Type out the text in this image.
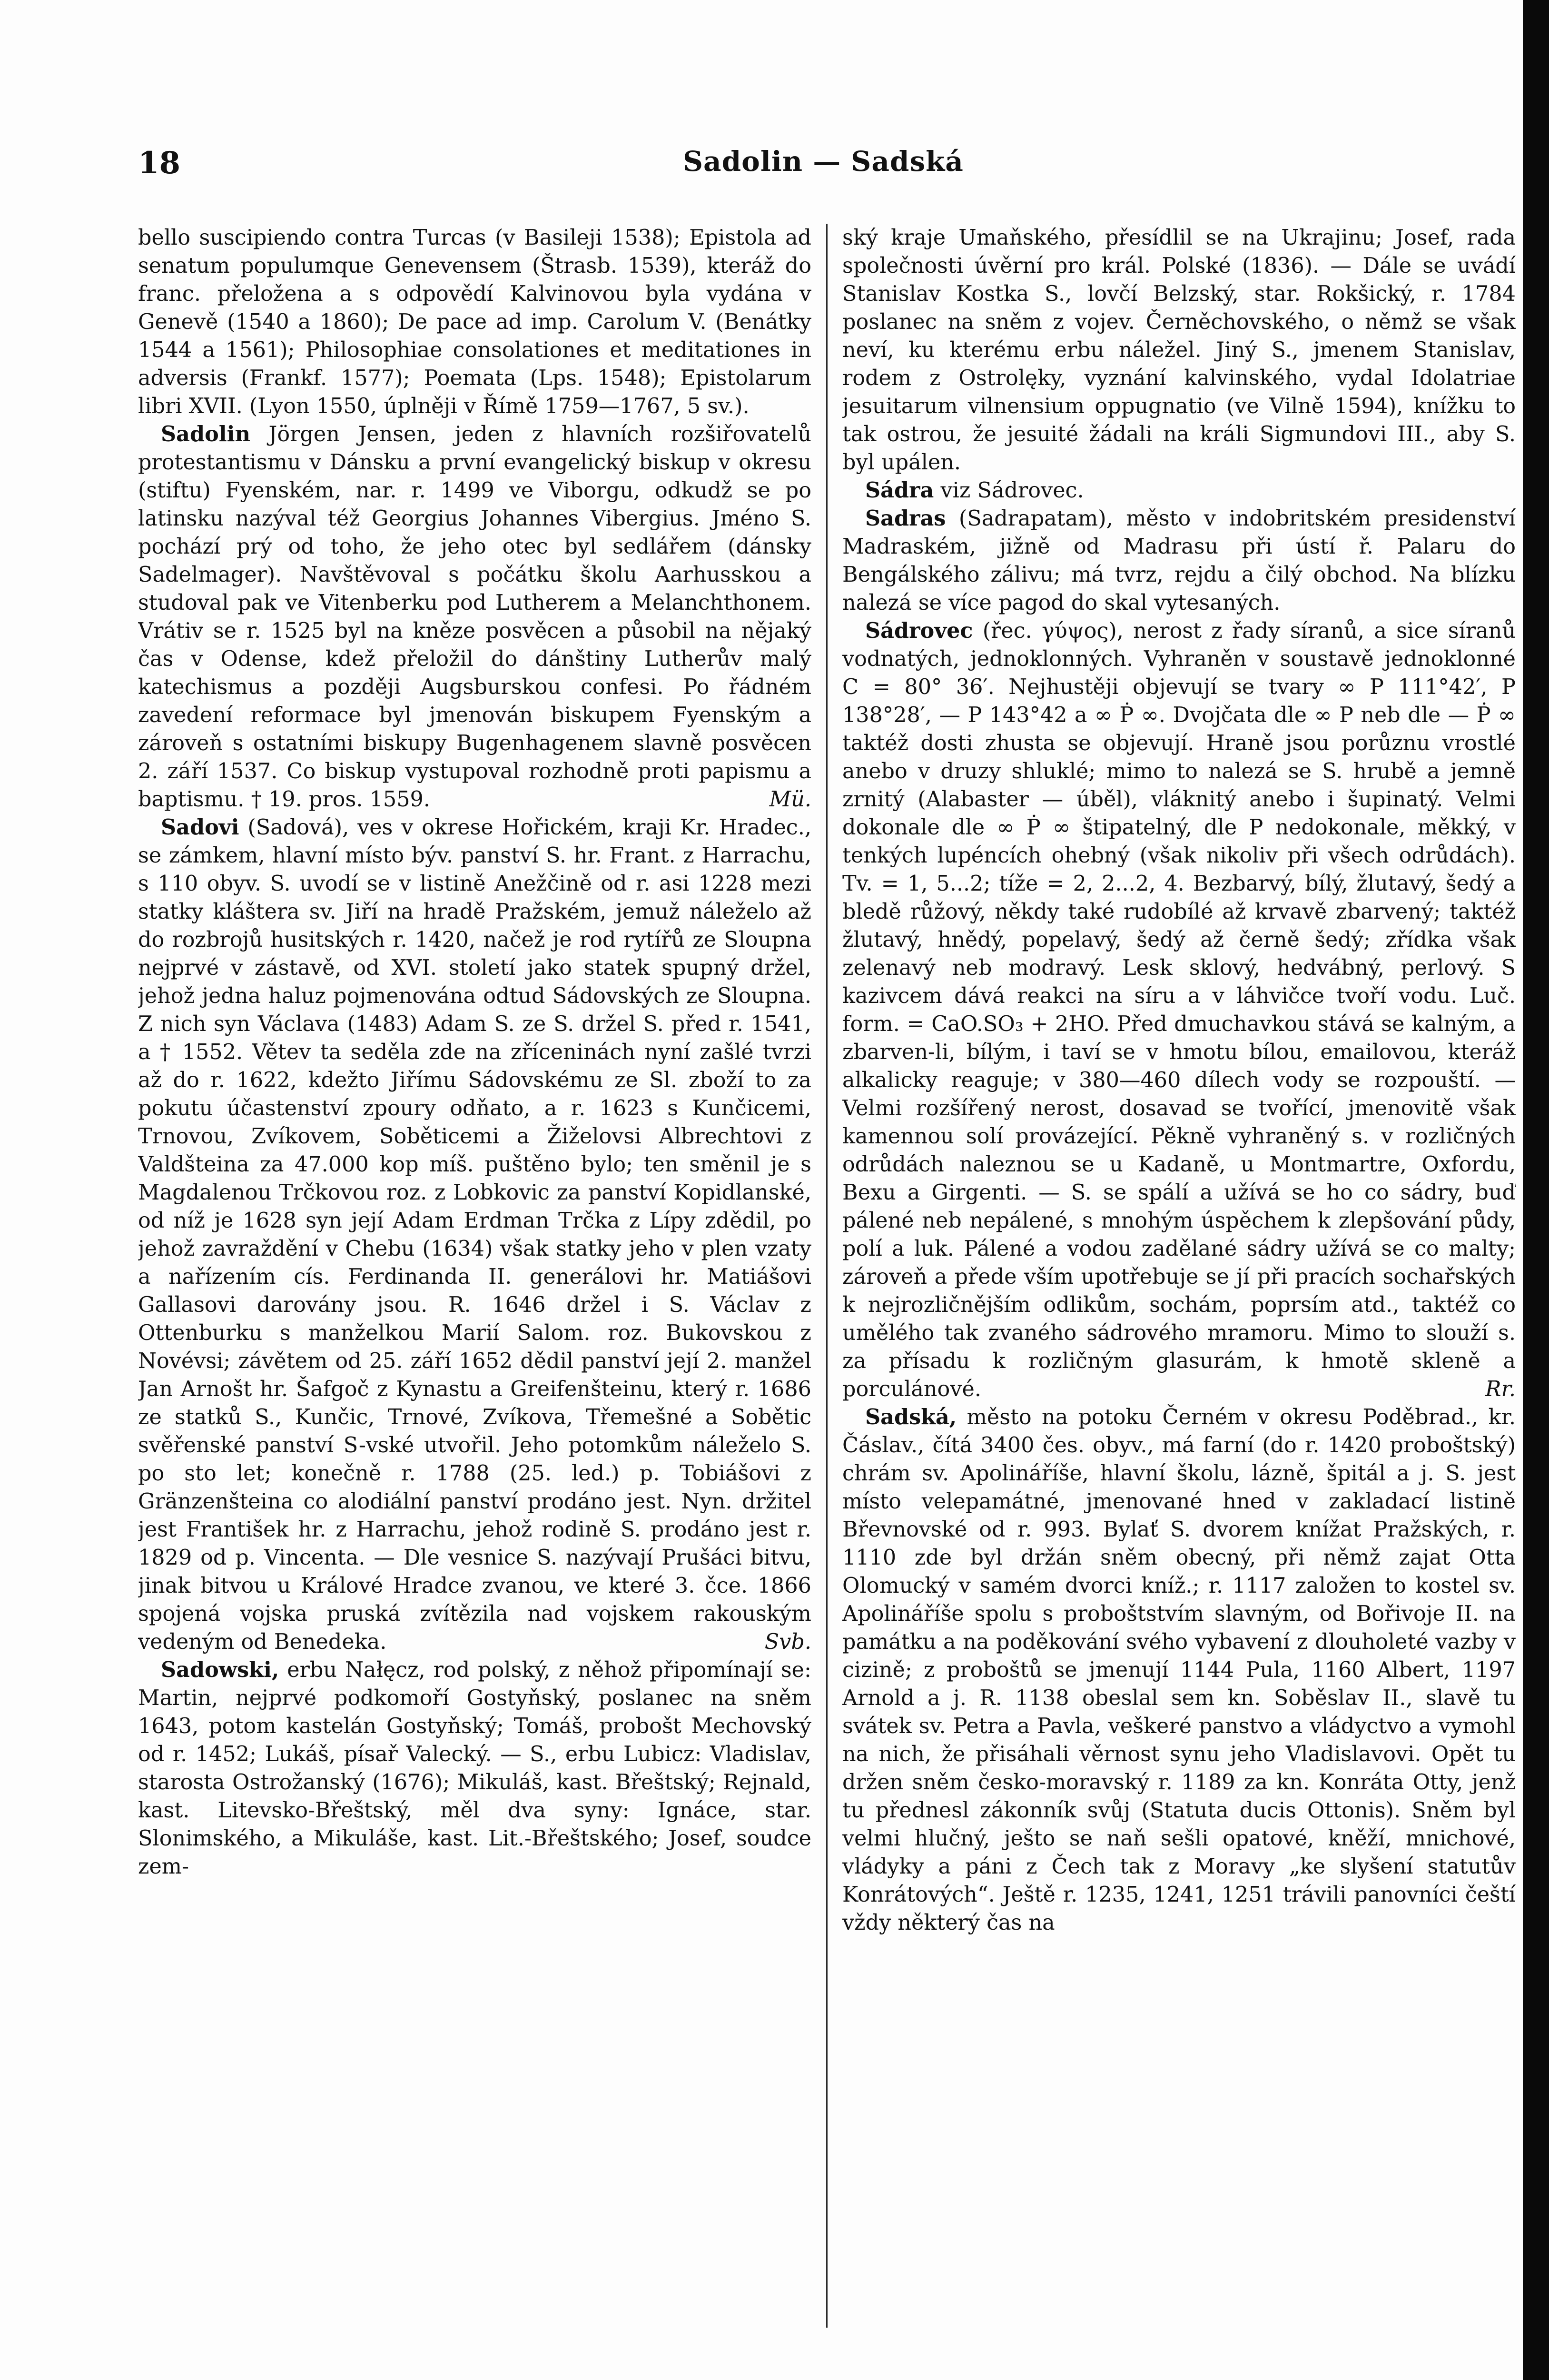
18	Sadolin — Sadská

bello suscipiendo contra Turcas (v Basileji 1538); Epistola ad senatum populumque Genevensem (Štrasb. 1539), kteráž do franc. přeložena a s odpovědí Kalvinovou byla vydána v Genevě (1540 a 1860); De pace ad imp. Carolum V. (Benátky 1544 a 1561); Philosophiae consolationes et meditationes in adversis (Frankf. 1577); Poemata (Lps. 1548); Epistolarum libri XVII. (Lyon 1550, úplněji v Římě 1759—1767, 5 sv.).

Sadolin Jörgen Jensen, jeden z hlavních rozšiřovatelů protestantismu v Dánsku a první evangelický biskup v okresu (stiftu) Fyenském, nar. r. 1499 ve Viborgu, odkudž se po latinsku nazýval též Georgius Johannes Vibergius. Jméno S. pochází prý od toho, že jeho otec byl sedlářem (dánsky Sadelmager). Navštěvoval s počátku školu Aarhusskou a studoval pak ve Vitenberku pod Lutherem a Melanchthonem. Vrátiv se r. 1525 byl na kněze posvěcen a působil na nějaký čas v Odense, kdež přeložil do dánštiny Lutherův malý katechismus a později Augsburskou confesi. Po řádném zavedení reformace byl jmenován biskupem Fyenským a zároveň s ostatními biskupy Bugenhagenem slavně posvěcen 2. září 1537. Co biskup vystupoval rozhodně proti papismu a baptismu. † 19. pros. 1559.	Mü.

Sadovi (Sadová), ves v okrese Hořickém, kraji Kr. Hradec., se zámkem, hlavní místo býv. panství S. hr. Frant. z Harrachu, s 110 obyv. S. uvodí se v listině Anežčině od r. asi 1228 mezi statky kláštera sv. Jiří na hradě Pražském, jemuž náleželo až do rozbrojů husitských r. 1420, načež je rod rytířů ze Sloupna nejprvé v zástavě, od XVI. století jako statek spupný držel, jehož jedna haluz pojmenována odtud Sádovských ze Sloupna. Z nich syn Václava (1483) Adam S. ze S. držel S. před r. 1541, a † 1552. Větev ta seděla zde na zříceninách nyní zašlé tvrzi až do r. 1622, kdežto Jiřímu Sádovskému ze Sl. zboží to za pokutu účastenství zpoury odňato, a r. 1623 s Kunčicemi, Trnovou, Zvíkovem, Soběticemi a Žiželovsi Albrechtovi z Valdšteina za 47.000 kop míš. puštěno bylo; ten směnil je s Magdalenou Trčkovou roz. z Lobkovic za panství Kopidlanské, od níž je 1628 syn její Adam Erdman Trčka z Lípy zdědil, po jehož zavraždění v Chebu (1634) však statky jeho v plen vzaty a nařízením cís. Ferdinanda II. generálovi hr. Matiášovi Gallasovi darovány jsou. R. 1646 držel i S. Václav z Ottenburku s manželkou Marií Salom. roz. Bukovskou z Novévsi; závětem od 25. září 1652 dědil panství její 2. manžel Jan Arnošt hr. Šafgoč z Kynastu a Greifenšteinu, který r. 1686 ze statků S., Kunčic, Trnové, Zvíkova, Třemešné a Sobětic svěřenské panství S-vské utvořil. Jeho potomkům náleželo S. po sto let; konečně r. 1788 (25. led.) p. Tobiášovi z Gränzenšteina co alodiální panství prodáno jest. Nyn. držitel jest František hr. z Harrachu, jehož rodině S. prodáno jest r. 1829 od p. Vincenta. — Dle vesnice S. nazývají Prušáci bitvu, jinak bitvou u Králové Hradce zvanou, ve které 3. čce. 1866 spojená vojska pruská zvítězila nad vojskem rakouským vedeným od Benedeka.	Svb.

Sadowski, erbu Nałęcz, rod polský, z něhož připomínají se: Martin, nejprvé podkomoří Gostyňský, poslanec na sněm 1643, potom kastelán Gostyňský; Tomáš, probošt Mechovský od r. 1452; Lukáš, písař Valecký. — S., erbu Lubicz: Vladislav, starosta Ostrožanský (1676); Mikuláš, kast. Břeštský; Rejnald, kast. Litevsko-Břeštský, měl dva syny: Ignáce, star. Slonimského, a Mikuláše, kast. Lit.-Břeštského; Josef, soudce zem-

ský kraje Umaňského, přesídlil se na Ukrajinu; Josef, rada společnosti úvěrní pro král. Polské (1836). — Dále se uvádí Stanislav Kostka S., lovčí Belzský, star. Rokšický, r. 1784 poslanec na sněm z vojev. Černěchovského, o němž se však neví, ku kterému erbu náležel. Jiný S., jmenem Stanislav, rodem z Ostrolęky, vyznání kalvinského, vydal Idolatriae jesuitarum vilnensium oppugnatio (ve Vilně 1594), knížku to tak ostrou, že jesuité žádali na králi Sigmundovi III., aby S. byl upálen.

Sádra viz Sádrovec.

Sadras (Sadrapatam), město v indobritském presidenství Madraském, jižně od Madrasu při ústí ř. Palaru do Bengálského zálivu; má tvrz, rejdu a čilý obchod. Na blízku nalezá se více pagod do skal vytesaných.

Sádrovec (řec. γύψος), nerost z řady síranů, a sice síranů vodnatých, jednoklonných. Vyhraněn v soustavě jednoklonné C = 80° 36′. Nejhustěji objevují se tvary ∞ P 111°42′, P 138°28′, — P 143°42 a ∞ Ṗ ∞. Dvojčata dle ∞ P neb dle — Ṗ ∞ taktéž dosti zhusta se objevují. Hraně jsou porůznu vrostlé anebo v druzy shluklé; mimo to nalezá se S. hrubě a jemně zrnitý (Alabaster — úběl), vláknitý anebo i šupinatý. Velmi dokonale dle ∞ Ṗ ∞ štipatelný, dle P nedokonale, měkký, v tenkých lupéncích ohebný (však nikoliv při všech odrůdách). Tv. = 1, 5...2; tíže = 2, 2...2, 4. Bezbarvý, bílý, žlutavý, šedý a bledě růžový, někdy také rudobílé až krvavě zbarvený; taktéž žlutavý, hnědý, popelavý, šedý až černě šedý; zřídka však zelenavý neb modravý. Lesk sklový, hedvábný, perlový. S kazivcem dává reakci na síru a v láhvičce tvoří vodu. Luč. form. = CaO.SO₃ + 2HO. Před dmuchavkou stává se kalným, a zbarven-li, bílým, i taví se v hmotu bílou, emailovou, kteráž alkalicky reaguje; v 380—460 dílech vody se rozpouští. — Velmi rozšířený nerost, dosavad se tvořící, jmenovitě však kamennou solí provázející. Pěkně vyhraněný s. v rozličných odrůdách naleznou se u Kadaně, u Montmartre, Oxfordu, Bexu a Girgenti. — S. se spálí a užívá se ho co sádry, buď pálené neb nepálené, s mnohým úspěchem k zlepšování půdy, polí a luk. Pálené a vodou zadělané sádry užívá se co malty; zároveň a přede vším upotřebuje se jí při pracích sochařských k nejrozličnějším odlikům, sochám, poprsím atd., taktéž co umělého tak zvaného sádrového mramoru. Mimo to slouží s. za přísadu k rozličným glasurám, k hmotě skleně a porculánové.	Rr.

Sadská, město na potoku Černém v okresu Poděbrad., kr. Čáslav., čítá 3400 čes. obyv., má farní (do r. 1420 proboštský) chrám sv. Apolináříše, hlavní školu, lázně, špitál a j. S. jest místo velepamátné, jmenované hned v zakladací listině Břevnovské od r. 993. Bylať S. dvorem knížat Pražských, r. 1110 zde byl držán sněm obecný, při němž zajat Otta Olomucký v samém dvorci kníž.; r. 1117 založen to kostel sv. Apolináříše spolu s proboštstvím slavným, od Bořivoje II. na památku a na poděkování svého vybavení z dlouholeté vazby v cizině; z proboštů se jmenují 1144 Pula, 1160 Albert, 1197 Arnold a j. R. 1138 obeslal sem kn. Soběslav II., slavě tu svátek sv. Petra a Pavla, veškeré panstvo a vládyctvo a vymohl na nich, že přisáhali věrnost synu jeho Vladislavovi. Opět tu držen sněm česko-moravský r. 1189 za kn. Konráta Otty, jenž tu přednesl zákonník svůj (Statuta ducis Ottonis). Sněm byl velmi hlučný, ješto se naň sešli opatové, kněží, mnichové, vládyky a páni z Čech tak z Moravy „ke slyšení statutův Konrátových“. Ještě r. 1235, 1241, 1251 trávili panovníci čeští vždy některý čas na
